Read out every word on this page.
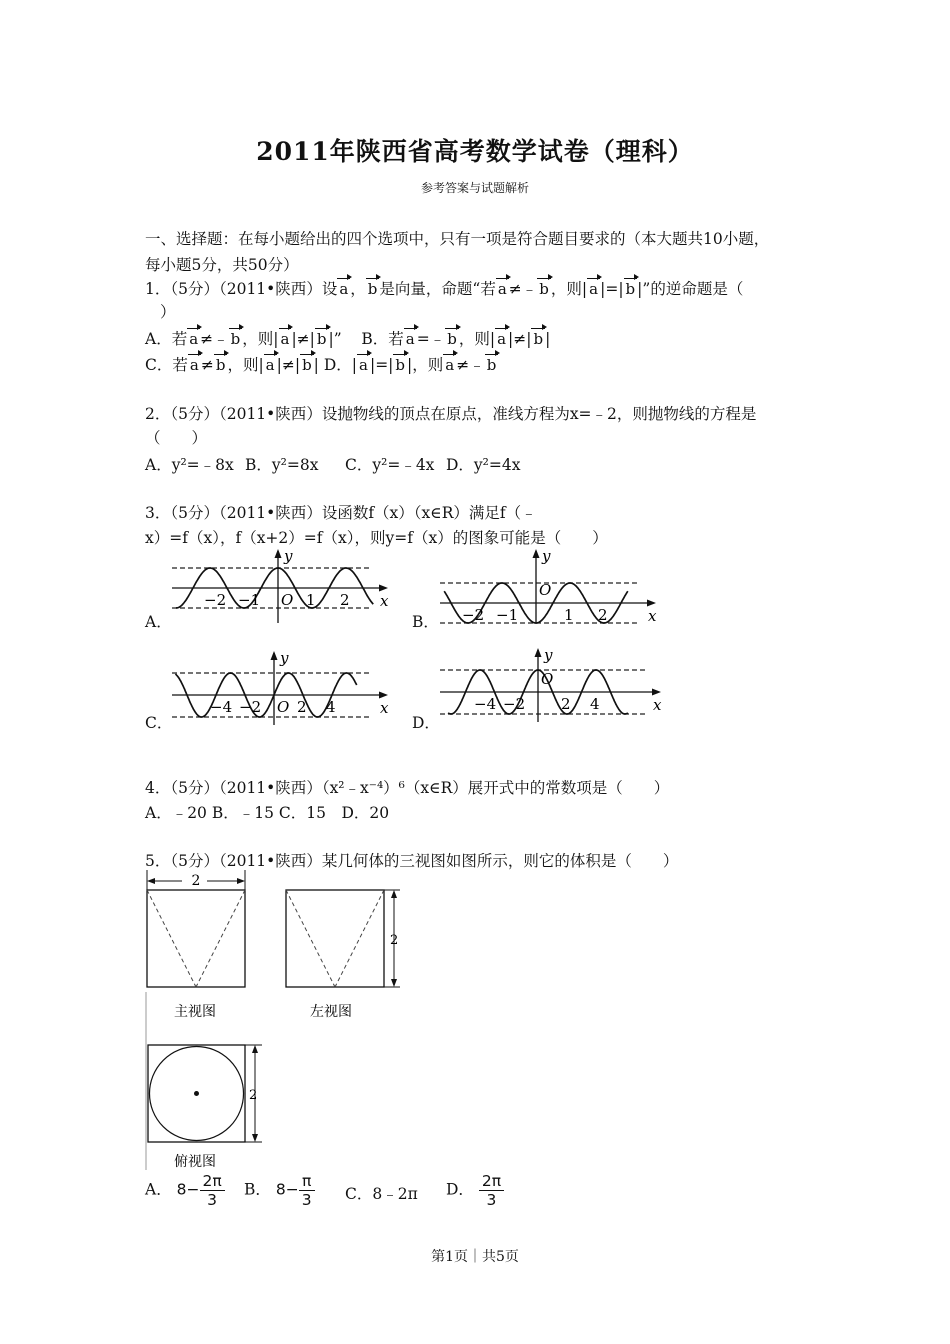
2011年陕西省高考数学试卷（理科）
参考答案与试题解析
一、选择题：在每小题给出的四个选项中，只有一项是符合题目要求的（本大题共10小题，
每小题5分，共50分）
1．（5分）（2011•陕西）设 a ， b 是向量，命题“若 a ≠﹣ b ，则| a |=| b |”的逆命题是（
）
A．若 a ≠﹣ b ，则| a |≠| b |” B．若 a =﹣ b ，则| a |≠| b |
C．若 a ≠ b ，则| a |≠| b | D．| a |=| b |，则 a ≠﹣ b
2．（5分）（2011•陕西）设抛物线的顶点在原点，准线方程为x=﹣2，则抛物线的方程是
（　　）
A．y²=﹣8x B．y²=8x C．y²=﹣4x D．y²=4x
3．（5分）（2011•陕西）设函数f（x）（x∈R）满足f（﹣
x）=f（x），f（x+2）=f（x），则y=f（x）的图象可能是（　　）
A．
x
y
O
−2 −1	1 2
B．	x
y
O
−2 −1	1 2
C．
x
y
O
−4 −2 2 4
D．
x
y
O
−4 −2 2 4
4．（5分）（2011•陕西）（x²﹣x⁻⁴）⁶（x∈R）展开式中的常数项是（　　）
A．﹣20 B．﹣15 C．15　D．20
5．（5分）（2011•陕西）某几何体的三视图如图所示，则它的体积是（　　）
2
主视图
2
左视图
2
俯视图
A． $8- \frac{2\pi}{3}$ B． $8- \frac{\pi}{3}$ C．8﹣2π D． $\frac{2\pi}{3}$
第1页｜共5页
